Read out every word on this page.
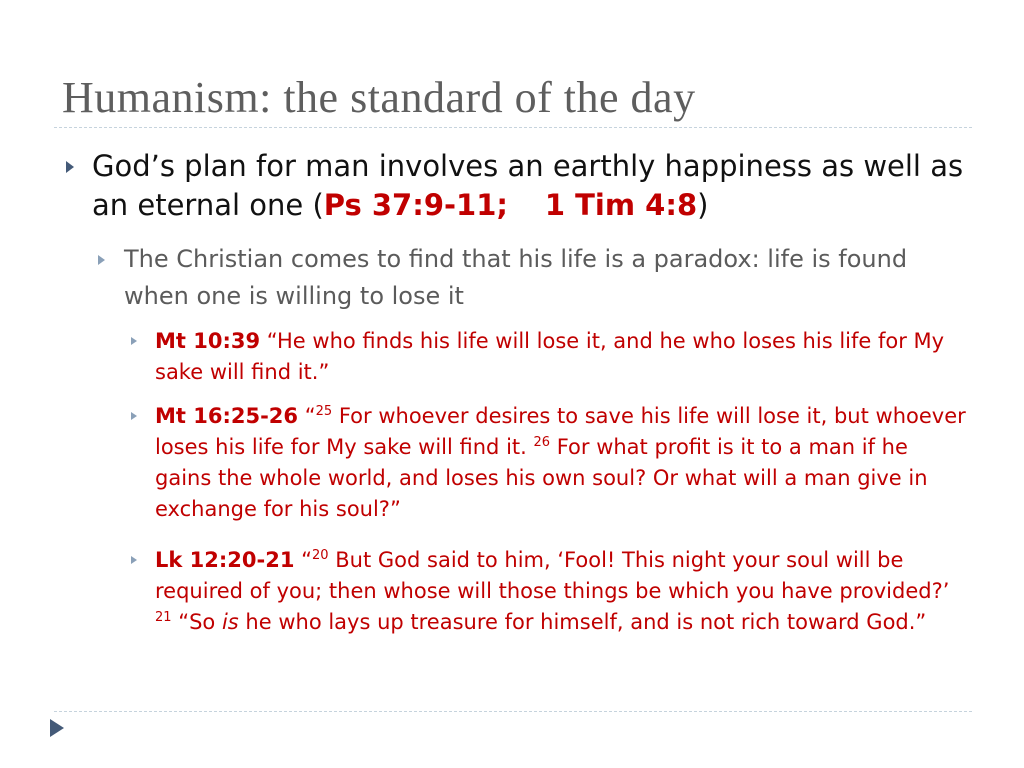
Humanism: the standard of the day
God’s plan for man involves an earthly happiness as well as an eternal one (Ps 37:9-11; 1 Tim 4:8)
The Christian comes to find that his life is a paradox: life is found when one is willing to lose it
Mt 10:39 “He who finds his life will lose it, and he who loses his life for My sake will find it.”
Mt 16:25-26 “$^{25}$ For whoever desires to save his life will lose it, but whoever loses his life for My sake will find it. $^{26}$ For what profit is it to a man if he gains the whole world, and loses his own soul? Or what will a man give in exchange for his soul?”
Lk 12:20-21 “$^{20}$ But God said to him, ‘Fool! This night your soul will be required of you; then whose will those things be which you have provided?’ $^{21}$ “So is he who lays up treasure for himself, and is not rich toward God.”
